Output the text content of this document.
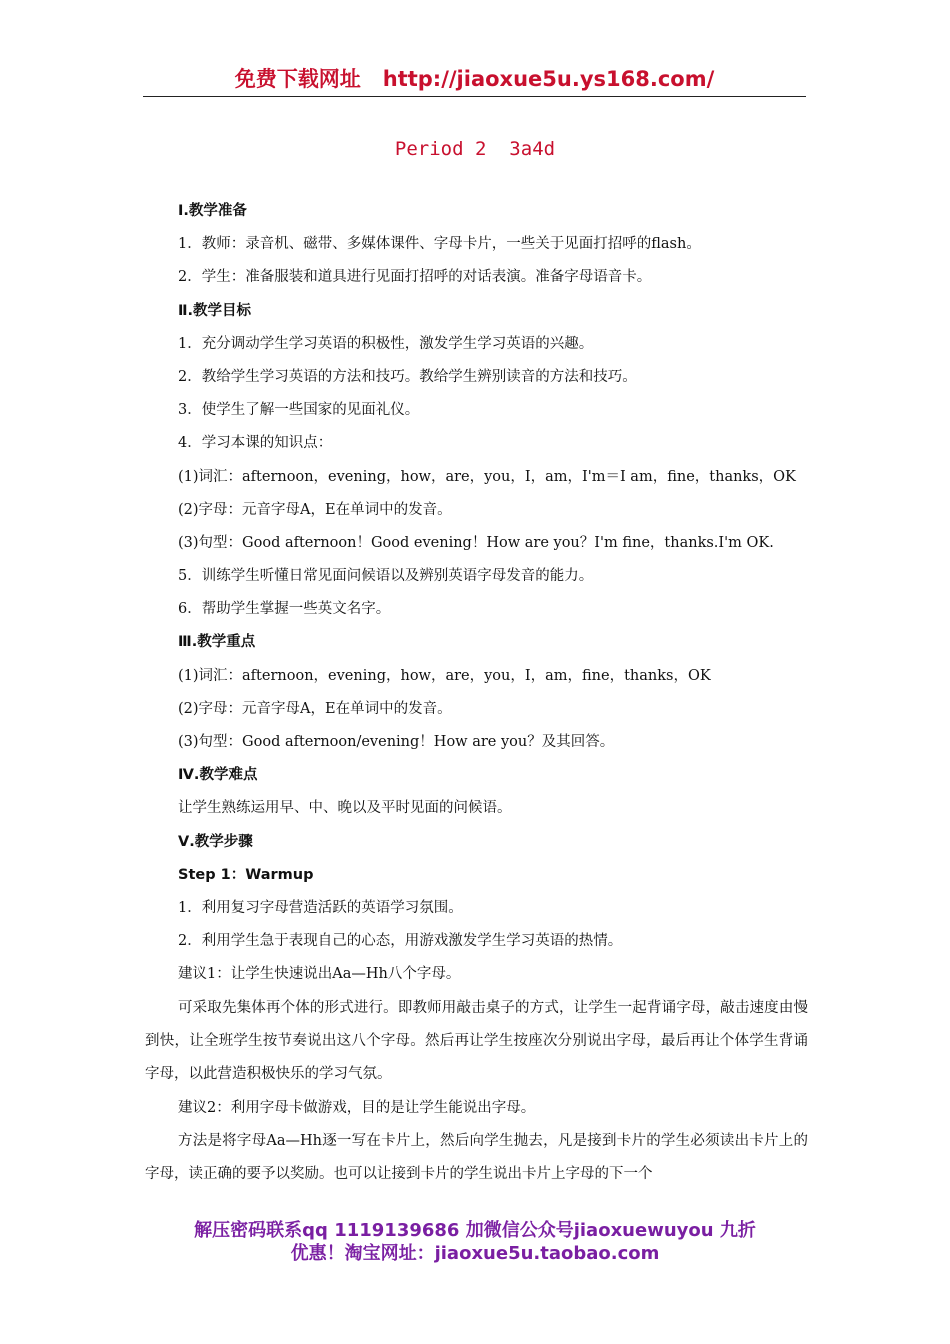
免费下载网址 http://jiaoxue5u.ys168.com/
Period 2  3a4d
Ⅰ.教学准备
1．教师：录音机、磁带、多媒体课件、字母卡片，一些关于见面打招呼的flash。
2．学生：准备服装和道具进行见面打招呼的对话表演。准备字母语音卡。
Ⅱ.教学目标
1．充分调动学生学习英语的积极性，激发学生学习英语的兴趣。
2．教给学生学习英语的方法和技巧。教给学生辨别读音的方法和技巧。
3．使学生了解一些国家的见面礼仪。
4．学习本课的知识点：
(1)词汇：afternoon，evening，how，are，you，I，am，I'm＝I am，fine，thanks，OK
(2)字母：元音字母A，E在单词中的发音。
(3)句型：Good afternoon！Good evening！How are you？I'm fine，thanks.I'm OK.
5．训练学生听懂日常见面问候语以及辨别英语字母发音的能力。
6．帮助学生掌握一些英文名字。
Ⅲ.教学重点
(1)词汇：afternoon，evening，how，are，you，I，am，fine，thanks，OK
(2)字母：元音字母A，E在单词中的发音。
(3)句型：Good afternoon/evening！How are you？及其回答。
Ⅳ.教学难点
让学生熟练运用早、中、晚以及平时见面的问候语。
Ⅴ.教学步骤
Step 1：Warmup
1．利用复习字母营造活跃的英语学习氛围。
2．利用学生急于表现自己的心态，用游戏激发学生学习英语的热情。
建议1：让学生快速说出Aa—Hh八个字母。
可采取先集体再个体的形式进行。即教师用敲击桌子的方式，让学生一起背诵字母，敲击速度由慢到快，让全班学生按节奏说出这八个字母。然后再让学生按座次分别说出字母，最后再让个体学生背诵字母，以此营造积极快乐的学习气氛。
建议2：利用字母卡做游戏，目的是让学生能说出字母。
方法是将字母Aa—Hh逐一写在卡片上，然后向学生抛去，凡是接到卡片的学生必须读出卡片上的字母，读正确的要予以奖励。也可以让接到卡片的学生说出卡片上字母的下一个
解压密码联系qq 1119139686 加微信公众号jiaoxuewuyou 九折
优惠！淘宝网址：jiaoxue5u.taobao.com
